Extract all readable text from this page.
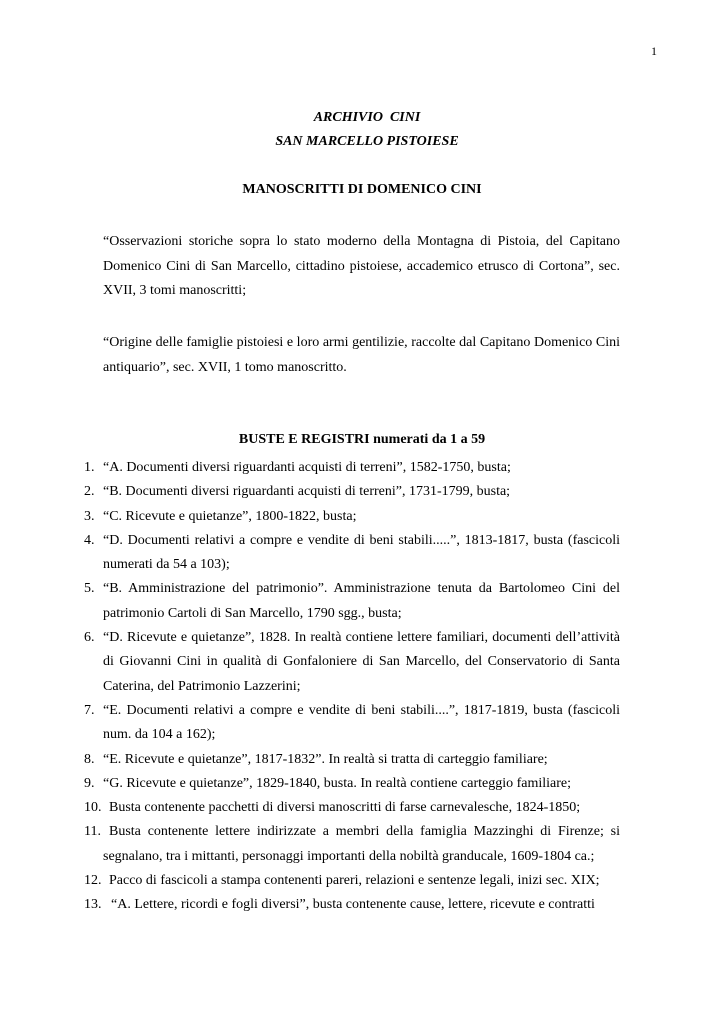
1
ARCHIVIO  CINI
SAN MARCELLO PISTOIESE
MANOSCRITTI DI DOMENICO CINI

“Osservazioni storiche sopra lo stato moderno della Montagna di Pistoia, del Capitano Domenico Cini di San Marcello, cittadino pistoiese, accademico etrusco di Cortona”, sec. XVII, 3 tomi manoscritti;

“Origine delle famiglie pistoiesi e loro armi gentilizie, raccolte dal Capitano Domenico Cini antiquario”, sec. XVII, 1 tomo manoscritto.

BUSTE E REGISTRI numerati da 1 a 59
1. “A. Documenti diversi riguardanti acquisti di terreni”, 1582-1750, busta;
2. “B. Documenti diversi riguardanti acquisti di terreni”, 1731-1799, busta;
3. “C. Ricevute e quietanze”, 1800-1822, busta;
4. “D. Documenti relativi a compre e vendite di beni stabili.....”, 1813-1817, busta (fascicoli numerati da 54 a 103);
5. “B. Amministrazione del patrimonio”. Amministrazione tenuta da Bartolomeo Cini del patrimonio Cartoli di San Marcello, 1790 sgg., busta;
6. “D. Ricevute e quietanze”, 1828. In realtà contiene lettere familiari, documenti dell’attività di Giovanni Cini in qualità di Gonfaloniere di San Marcello, del Conservatorio di Santa Caterina, del Patrimonio Lazzerini;
7. “E. Documenti relativi a compre e vendite di beni stabili....”, 1817-1819, busta (fascicoli num. da 104 a 162);
8. “E. Ricevute e quietanze”, 1817-1832”. In realtà si tratta di carteggio familiare;
9. “G. Ricevute e quietanze”, 1829-1840, busta. In realtà contiene carteggio familiare;
10. Busta contenente pacchetti di diversi manoscritti di farse carnevalesche, 1824-1850;
11. Busta contenente lettere indirizzate a membri della famiglia Mazzinghi di Firenze; si segnalano, tra i mittanti, personaggi importanti della nobiltà granducale, 1609-1804 ca.;
12. Pacco di fascicoli a stampa contenenti pareri, relazioni e sentenze legali, inizi sec. XIX;
13. “A. Lettere, ricordi e fogli diversi”, busta contenente cause, lettere, ricevute e contratti
